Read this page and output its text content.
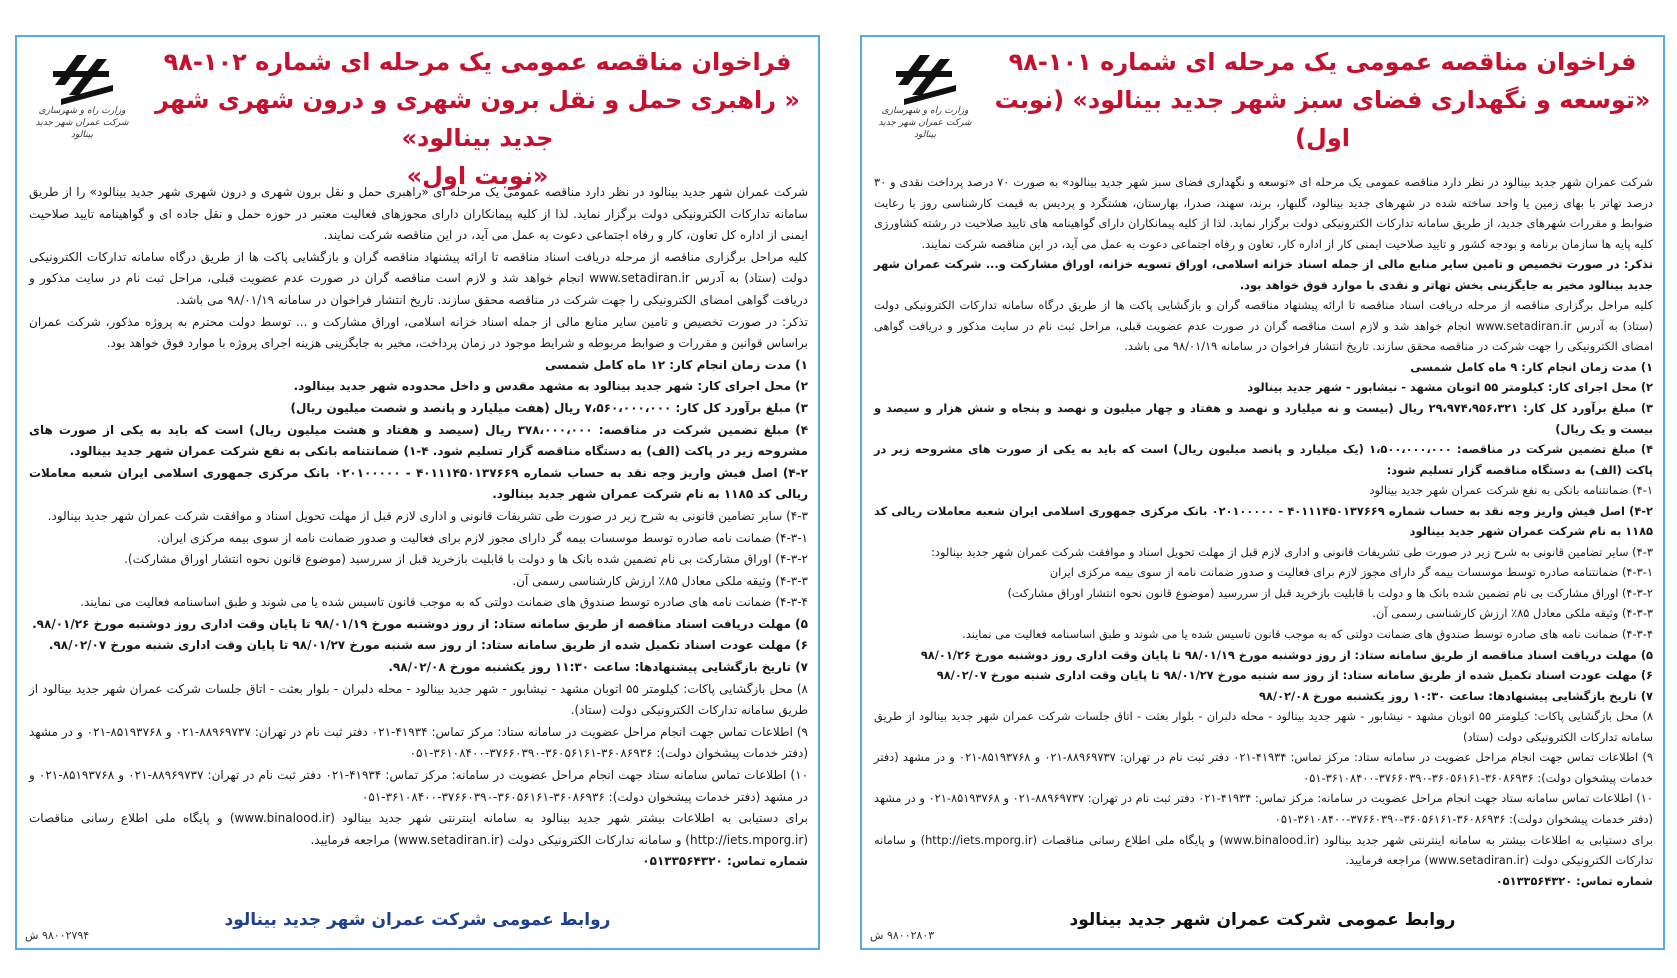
وزارت راه و شهرسازی
شرکت عمران شهر جدید بینالود

فراخوان مناقصه عمومی یک مرحله ای شماره ۱۰۱-۹۸

«توسعه و نگهداری فضای سبز شهر جدید بینالود» (نوبت اول)

شرکت عمران شهر جدید بینالود در نظر دارد مناقصه عمومی یک مرحله ای «توسعه و نگهداری فضای سبز شهر جدید بینالود» به صورت ۷۰ درصد پرداخت نقدی و ۳۰ درصد تهاتر با بهای زمین یا واحد ساخته شده در شهرهای جدید بینالود، گلبهار، برند، سهند، صدرا، بهارستان، هشتگرد و پردیس به قیمت کارشناسی روز با رعایت ضوابط و مقررات شهرهای جدید، از طریق سامانه تدارکات الکترونیکی دولت برگزار نماید. لذا از کلیه پیمانکاران دارای گواهینامه های تایید صلاحیت در رشته کشاورزی کلیه پایه ها سازمان برنامه و بودجه کشور و تایید صلاحیت ایمنی کار از اداره کار، تعاون و رفاه اجتماعی دعوت به عمل می آید، در این مناقصه شرکت نمایند.

تذکر: در صورت تخصیص و تامین سایر منابع مالی از جمله اسناد خزانه اسلامی، اوراق تسویه خزانه، اوراق مشارکت و... شرکت عمران شهر جدید بینالود مخیر به جایگزینی بخش تهاتر و نقدی با موارد فوق خواهد بود.

کلیه مراحل برگزاری مناقصه از مرحله دریافت اسناد مناقصه تا ارائه پیشنهاد مناقصه گران و بازگشایی پاکت ها از طریق درگاه سامانه تدارکات الکترونیکی دولت (ستاد) به آدرس www.setadiran.ir انجام خواهد شد و لازم است مناقصه گران در صورت عدم عضویت قبلی، مراحل ثبت نام در سایت مذکور و دریافت گواهی امضای الکترونیکی را جهت شرکت در مناقصه محقق سازند. تاریخ انتشار فراخوان در سامانه ۹۸/۰۱/۱۹ می باشد.

۱) مدت زمان انجام کار: ۹ ماه کامل شمسی

۲) محل اجرای کار: کیلومتر ۵۵ اتوبان مشهد - نیشابور - شهر جدید بینالود

۳) مبلغ برآورد کل کار: ۲۹،۹۷۴،۹۵۶،۳۲۱ ریال (بیست و نه میلیارد و نهصد و هفتاد و چهار میلیون و نهصد و پنجاه و شش هزار و سیصد و بیست و یک ریال)

۴) مبلغ تضمین شرکت در مناقصه: ۱،۵۰۰،۰۰۰،۰۰۰ (یک میلیارد و پانصد میلیون ریال) است که باید به یکی از صورت های مشروحه زیر در پاکت (الف) به دستگاه مناقصه گزار تسلیم شود:

۴-۱) ضمانتنامه بانکی به نفع شرکت عمران شهر جدید بینالود

۴-۲) اصل فیش واریز وجه نقد به حساب شماره ۴۰۱۱۱۴۵۰۱۳۷۶۶۹ - ۰۲۰۱۰۰۰۰۰ بانک مرکزی جمهوری اسلامی ایران شعبه معاملات ریالی کد ۱۱۸۵ به نام شرکت عمران شهر جدید بینالود

۴-۳) سایر تضامین قانونی به شرح زیر در صورت طی تشریفات قانونی و اداری لازم قبل از مهلت تحویل اسناد و موافقت شرکت عمران شهر جدید بینالود:

۴-۳-۱) ضمانتنامه صادره توسط موسسات بیمه گر دارای مجوز لازم برای فعالیت و صدور ضمانت نامه از سوی بیمه مرکزی ایران

۴-۳-۲) اوراق مشارکت بی نام تضمین شده بانک ها و دولت با قابلیت بازخرید قبل از سررسید (موضوع قانون نحوه انتشار اوراق مشارکت)

۴-۳-۳) وثیقه ملکی معادل ۸۵٪ ارزش کارشناسی رسمی آن.

۴-۳-۴) ضمانت نامه های صادره توسط صندوق های ضمانت دولتی که به موجب قانون تاسیس شده یا می شوند و طبق اساسنامه فعالیت می نمایند.

۵) مهلت دریافت اسناد مناقصه از طریق سامانه ستاد: از روز دوشنبه مورخ ۹۸/۰۱/۱۹ تا پایان وقت اداری روز دوشنبه مورخ ۹۸/۰۱/۲۶

۶) مهلت عودت اسناد تکمیل شده از طریق سامانه ستاد: از روز سه شنبه مورخ ۹۸/۰۱/۲۷ تا پایان وقت اداری شنبه مورخ ۹۸/۰۲/۰۷

۷) تاریخ بازگشایی پیشنهادها: ساعت ۱۰:۳۰ روز یکشنبه مورخ ۹۸/۰۲/۰۸

۸) محل بازگشایی پاکات: کیلومتر ۵۵ اتوبان مشهد - نیشابور - شهر جدید بینالود - محله دلبران - بلوار بعثت - اتاق جلسات شرکت عمران شهر جدید بینالود از طریق سامانه تدارکات الکترونیکی دولت (ستاد)

۹) اطلاعات تماس جهت انجام مراحل عضویت در سامانه ستاد: مرکز تماس: ۴۱۹۳۴-۰۲۱ دفتر ثبت نام در تهران: ۸۸۹۶۹۷۳۷-۰۲۱ و ۸۵۱۹۳۷۶۸-۰۲۱ و در مشهد (دفتر خدمات پیشخوان دولت): ۳۶۰۸۶۹۳۶-۳۶۰۵۶۱۶۱-۳۷۶۶۰۳۹۰-۳۶۱۰۸۴۰۰-۰۵۱

۱۰) اطلاعات تماس سامانه ستاد جهت انجام مراحل عضویت در سامانه: مرکز تماس: ۴۱۹۳۴-۰۲۱ دفتر ثبت نام در تهران: ۸۸۹۶۹۷۳۷-۰۲۱ و ۸۵۱۹۳۷۶۸-۰۲۱ و در مشهد (دفتر خدمات پیشخوان دولت): ۳۶۰۸۶۹۳۶-۳۶۰۵۶۱۶۱-۳۷۶۶۰۳۹۰-۳۶۱۰۸۴۰۰-۰۵۱

برای دستیابی به اطلاعات بیشتر به سامانه اینترنتی شهر جدید بینالود (www.binalood.ir) و پایگاه ملی اطلاع رسانی مناقصات (http://iets.mporg.ir) و سامانه تدارکات الکترونیکی دولت (www.setadiran.ir) مراجعه فرمایید.

شماره تماس: ۰۵۱۳۳۵۶۴۳۲۰

روابط عمومی شرکت عمران شهر جدید بینالود
۹۸۰۰۲۸۰۳ ش
وزارت راه و شهرسازی
شرکت عمران شهر جدید بینالود

فراخوان مناقصه عمومی یک مرحله ای شماره ۱۰۲-۹۸

« راهبری حمل و نقل برون شهری و درون شهری شهر جدید بینالود»

«نوبت اول»

شرکت عمران شهر جدید بینالود در نظر دارد مناقصه عمومی یک مرحله ای «راهبری حمل و نقل برون شهری و درون شهری شهر جدید بینالود» را از طریق سامانه تدارکات الکترونیکی دولت برگزار نماید. لذا از کلیه پیمانکاران دارای مجوزهای فعالیت معتبر در حوزه حمل و نقل جاده ای و گواهینامه تایید صلاحیت ایمنی از اداره کل تعاون، کار و رفاه اجتماعی دعوت به عمل می آید، در این مناقصه شرکت نمایند.

کلیه مراحل برگزاری مناقصه از مرحله دریافت اسناد مناقصه تا ارائه پیشنهاد مناقصه گران و بازگشایی پاکت ها از طریق درگاه سامانه تدارکات الکترونیکی دولت (ستاد) به آدرس www.setadiran.ir انجام خواهد شد و لازم است مناقصه گران در صورت عدم عضویت قبلی، مراحل ثبت نام در سایت مذکور و دریافت گواهی امضای الکترونیکی را جهت شرکت در مناقصه محقق سازند. تاریخ انتشار فراخوان در سامانه ۹۸/۰۱/۱۹ می باشد.

تذکر: در صورت تخصیص و تامین سایر منابع مالی از جمله اسناد خزانه اسلامی، اوراق مشارکت و ... توسط دولت محترم به پروژه مذکور، شرکت عمران براساس قوانین و مقررات و ضوابط مربوطه و شرایط موجود در زمان پرداخت، مخیر به جایگزینی هزینه اجرای پروژه با موارد فوق خواهد بود.

۱) مدت زمان انجام کار: ۱۲ ماه کامل شمسی

۲) محل اجرای کار: شهر جدید بینالود به مشهد مقدس و داخل محدوده شهر جدید بینالود.

۳) مبلغ برآورد کل کار: ۷،۵۶۰،۰۰۰،۰۰۰ ریال (هفت میلیارد و پانصد و شصت میلیون ریال)

۴) مبلغ تضمین شرکت در مناقصه: ۳۷۸،۰۰۰،۰۰۰ ریال (سیصد و هفتاد و هشت میلیون ریال) است که باید به یکی از صورت های مشروحه زیر در پاکت (الف) به دستگاه مناقصه گزار تسلیم شود. ۴-۱) ضمانتنامه بانکی به نفع شرکت عمران شهر جدید بینالود.

۴-۲) اصل فیش واریز وجه نقد به حساب شماره ۴۰۱۱۱۴۵۰۱۳۷۶۶۹ - ۰۲۰۱۰۰۰۰۰ بانک مرکزی جمهوری اسلامی ایران شعبه معاملات ریالی کد ۱۱۸۵ به نام شرکت عمران شهر جدید بینالود.

۴-۳) سایر تضامین قانونی به شرح زیر در صورت طی تشریفات قانونی و اداری لازم قبل از مهلت تحویل اسناد و موافقت شرکت عمران شهر جدید بینالود.

۴-۳-۱) ضمانت نامه صادره توسط موسسات بیمه گر دارای مجوز لازم برای فعالیت و صدور ضمانت نامه از سوی بیمه مرکزی ایران.

۴-۳-۲) اوراق مشارکت بی نام تضمین شده بانک ها و دولت با قابلیت بازخرید قبل از سررسید (موضوع قانون نحوه انتشار اوراق مشارکت).

۴-۳-۳) وثیقه ملکی معادل ۸۵٪ ارزش کارشناسی رسمی آن.

۴-۳-۴) ضمانت نامه های صادره توسط صندوق های ضمانت دولتی که به موجب قانون تاسیس شده یا می شوند و طبق اساسنامه فعالیت می نمایند.

۵) مهلت دریافت اسناد مناقصه از طریق سامانه ستاد: از روز دوشنبه مورخ ۹۸/۰۱/۱۹ تا پایان وقت اداری روز دوشنبه مورخ ۹۸/۰۱/۲۶.

۶) مهلت عودت اسناد تکمیل شده از طریق سامانه ستاد: از روز سه شنبه مورخ ۹۸/۰۱/۲۷ تا پایان وقت اداری شنبه مورخ ۹۸/۰۲/۰۷.

۷) تاریخ بازگشایی پیشنهادها: ساعت ۱۱:۳۰ روز یکشنبه مورخ ۹۸/۰۲/۰۸.

۸) محل بازگشایی پاکات: کیلومتر ۵۵ اتوبان مشهد - نیشابور - شهر جدید بینالود - محله دلبران - بلوار بعثت - اتاق جلسات شرکت عمران شهر جدید بینالود از طریق سامانه تدارکات الکترونیکی دولت (ستاد).

۹) اطلاعات تماس جهت انجام مراحل عضویت در سامانه ستاد: مرکز تماس: ۴۱۹۳۴-۰۲۱ دفتر ثبت نام در تهران: ۸۸۹۶۹۷۳۷-۰۲۱ و ۸۵۱۹۳۷۶۸-۰۲۱ و در مشهد (دفتر خدمات پیشخوان دولت): ۳۶۰۸۶۹۳۶-۳۶۰۵۶۱۶۱-۳۷۶۶۰۳۹۰-۳۶۱۰۸۴۰۰-۰۵۱

۱۰) اطلاعات تماس سامانه ستاد جهت انجام مراحل عضویت در سامانه: مرکز تماس: ۴۱۹۳۴-۰۲۱ دفتر ثبت نام در تهران: ۸۸۹۶۹۷۳۷-۰۲۱ و ۸۵۱۹۳۷۶۸-۰۲۱ و در مشهد (دفتر خدمات پیشخوان دولت): ۳۶۰۸۶۹۳۶-۳۶۰۵۶۱۶۱-۳۷۶۶۰۳۹۰-۳۶۱۰۸۴۰۰-۰۵۱

برای دستیابی به اطلاعات بیشتر شهر جدید بینالود به سامانه اینترنتی شهر جدید بینالود (www.binalood.ir) و پایگاه ملی اطلاع رسانی مناقصات (http://iets.mporg.ir) و سامانه تدارکات الکترونیکی دولت (www.setadiran.ir) مراجعه فرمایید.

شماره تماس: ۰۵۱۳۳۵۶۴۳۲۰

روابط عمومی شرکت عمران شهر جدید بینالود
۹۸۰۰۲۷۹۴ ش
